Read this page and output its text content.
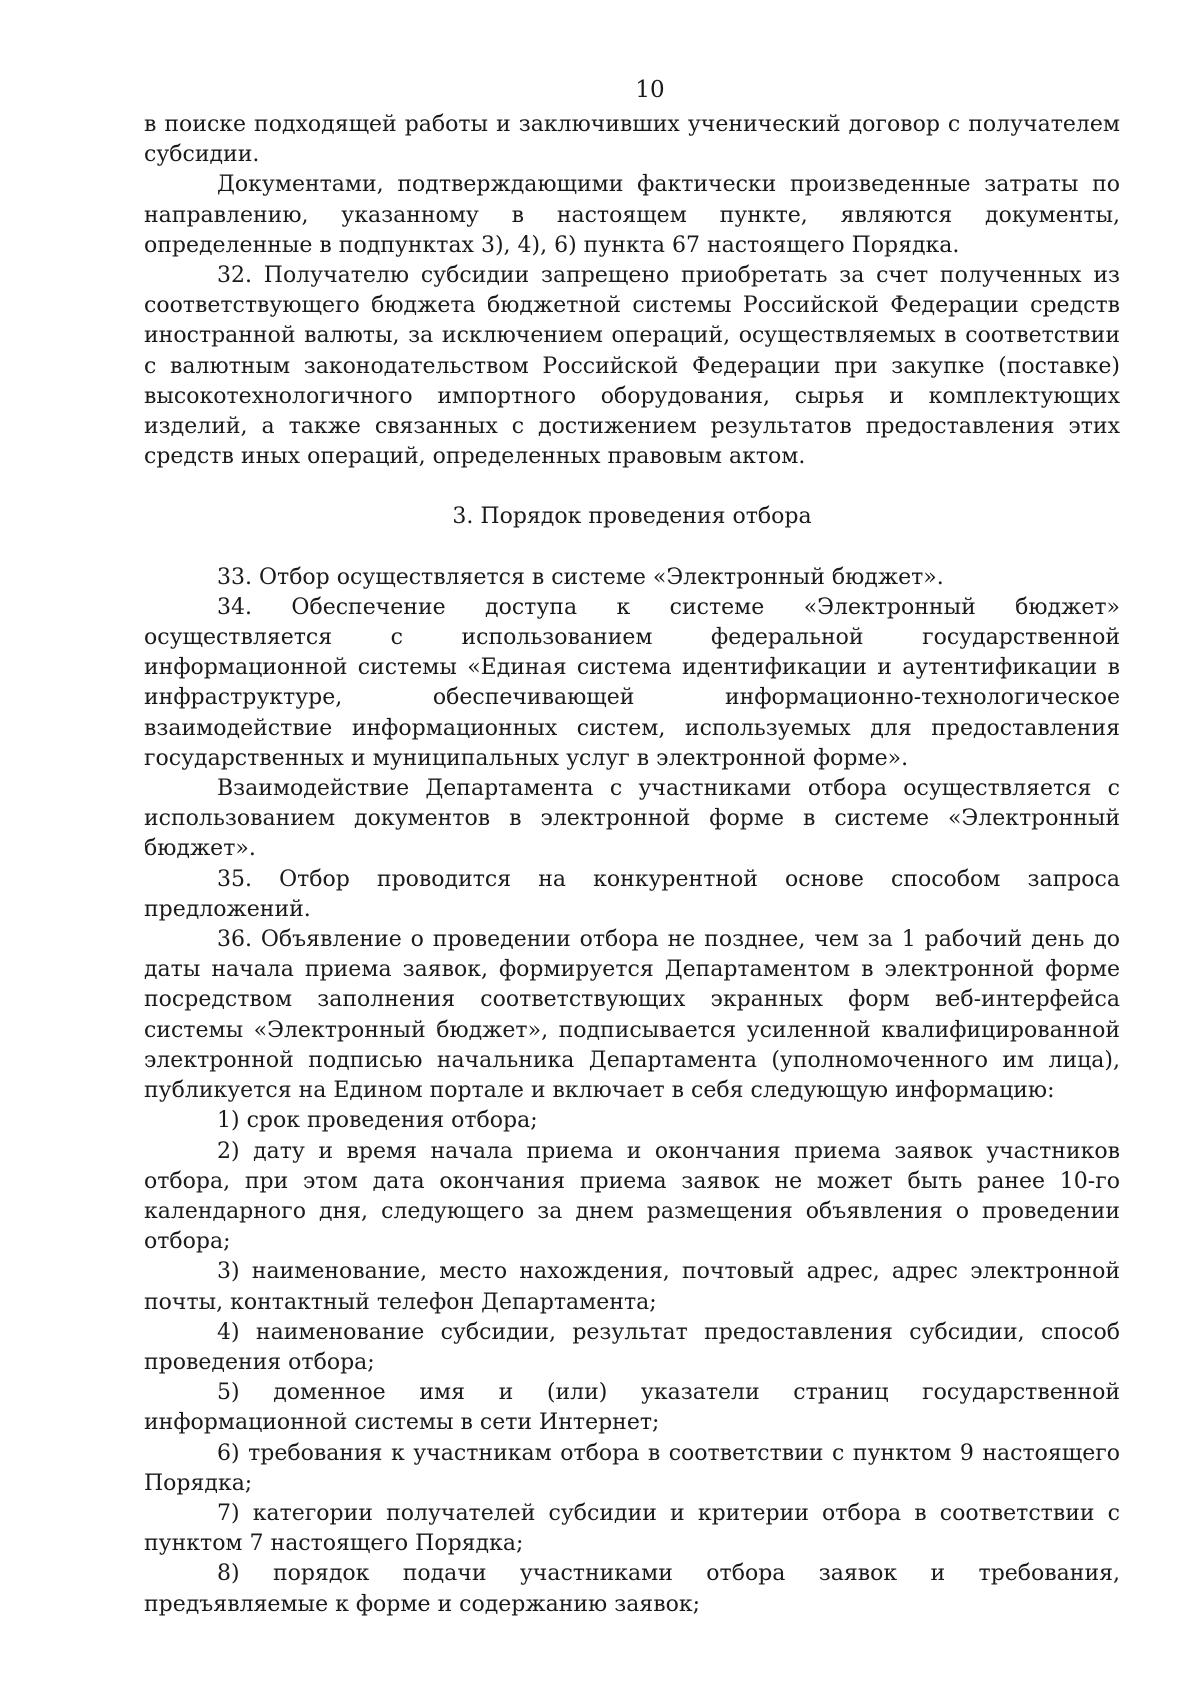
10

в поиске подходящей работы и заключивших ученический договор с получателем субсидии.

Документами, подтверждающими фактически произведенные затраты по направлению, указанному в настоящем пункте, являются документы, определенные в подпунктах 3), 4), 6) пункта 67 настоящего Порядка.

32. Получателю субсидии запрещено приобретать за счет полученных из соответствующего бюджета бюджетной системы Российской Федерации средств иностранной валюты, за исключением операций, осуществляемых в соответствии с валютным законодательством Российской Федерации при закупке (поставке) высокотехнологичного импортного оборудования, сырья и комплектующих изделий, а также связанных с достижением результатов предоставления этих средств иных операций, определенных правовым актом.

3. Порядок проведения отбора

33. Отбор осуществляется в системе «Электронный бюджет».

34. Обеспечение доступа к системе «Электронный бюджет» осуществляется с использованием федеральной государственной информационной системы «Единая система идентификации и аутентификации в инфраструктуре, обеспечивающей информационно-технологическое взаимодействие информационных систем, используемых для предоставления государственных и муниципальных услуг в электронной форме».

Взаимодействие Департамента с участниками отбора осуществляется с использованием документов в электронной форме в системе «Электронный бюджет».

35. Отбор проводится на конкурентной основе способом запроса предложений.

36. Объявление о проведении отбора не позднее, чем за 1 рабочий день до даты начала приема заявок, формируется Департаментом в электронной форме посредством заполнения соответствующих экранных форм веб-интерфейса системы «Электронный бюджет», подписывается усиленной квалифицированной электронной подписью начальника Департамента (уполномоченного им лица), публикуется на Едином портале и включает в себя следующую информацию:

1) срок проведения отбора;

2) дату и время начала приема и окончания приема заявок участников отбора, при этом дата окончания приема заявок не может быть ранее 10-го календарного дня, следующего за днем размещения объявления о проведении отбора;

3) наименование, место нахождения, почтовый адрес, адрес электронной почты, контактный телефон Департамента;

4) наименование субсидии, результат предоставления субсидии, способ проведения отбора;

5) доменное имя и (или) указатели страниц государственной информационной системы в сети Интернет;

6) требования к участникам отбора в соответствии с пунктом 9 настоящего Порядка;

7) категории получателей субсидии и критерии отбора в соответствии с пунктом 7 настоящего Порядка;

8) порядок подачи участниками отбора заявок и требования, предъявляемые к форме и содержанию заявок;
